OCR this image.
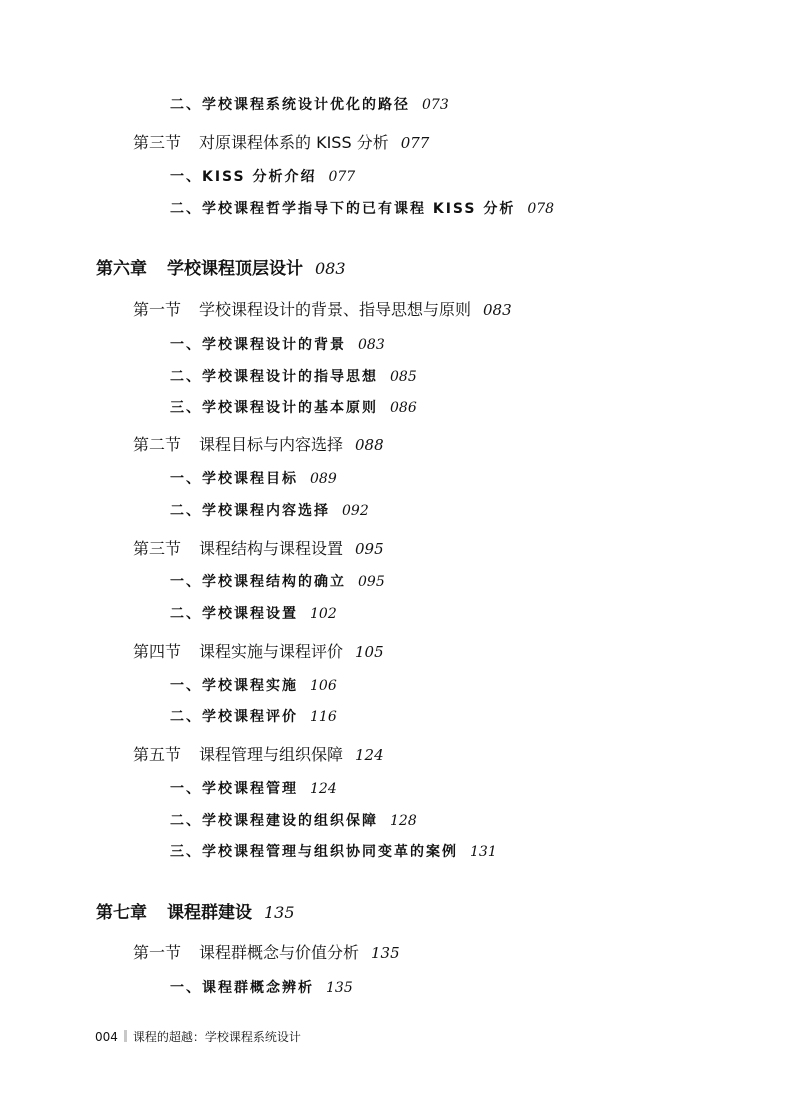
二、学校课程系统设计优化的路径 073
第三节 对原课程体系的 KISS 分析 077
一、KISS 分析介绍 077
二、学校课程哲学指导下的已有课程 KISS 分析 078
第六章 学校课程顶层设计 083
第一节 学校课程设计的背景、指导思想与原则 083
一、学校课程设计的背景 083
二、学校课程设计的指导思想 085
三、学校课程设计的基本原则 086
第二节 课程目标与内容选择 088
一、学校课程目标 089
二、学校课程内容选择 092
第三节 课程结构与课程设置 095
一、学校课程结构的确立 095
二、学校课程设置 102
第四节 课程实施与课程评价 105
一、学校课程实施 106
二、学校课程评价 116
第五节 课程管理与组织保障 124
一、学校课程管理 124
二、学校课程建设的组织保障 128
三、学校课程管理与组织协同变革的案例 131
第七章 课程群建设 135
第一节 课程群概念与价值分析 135
一、课程群概念辨析 135
004 课程的超越：学校课程系统设计
